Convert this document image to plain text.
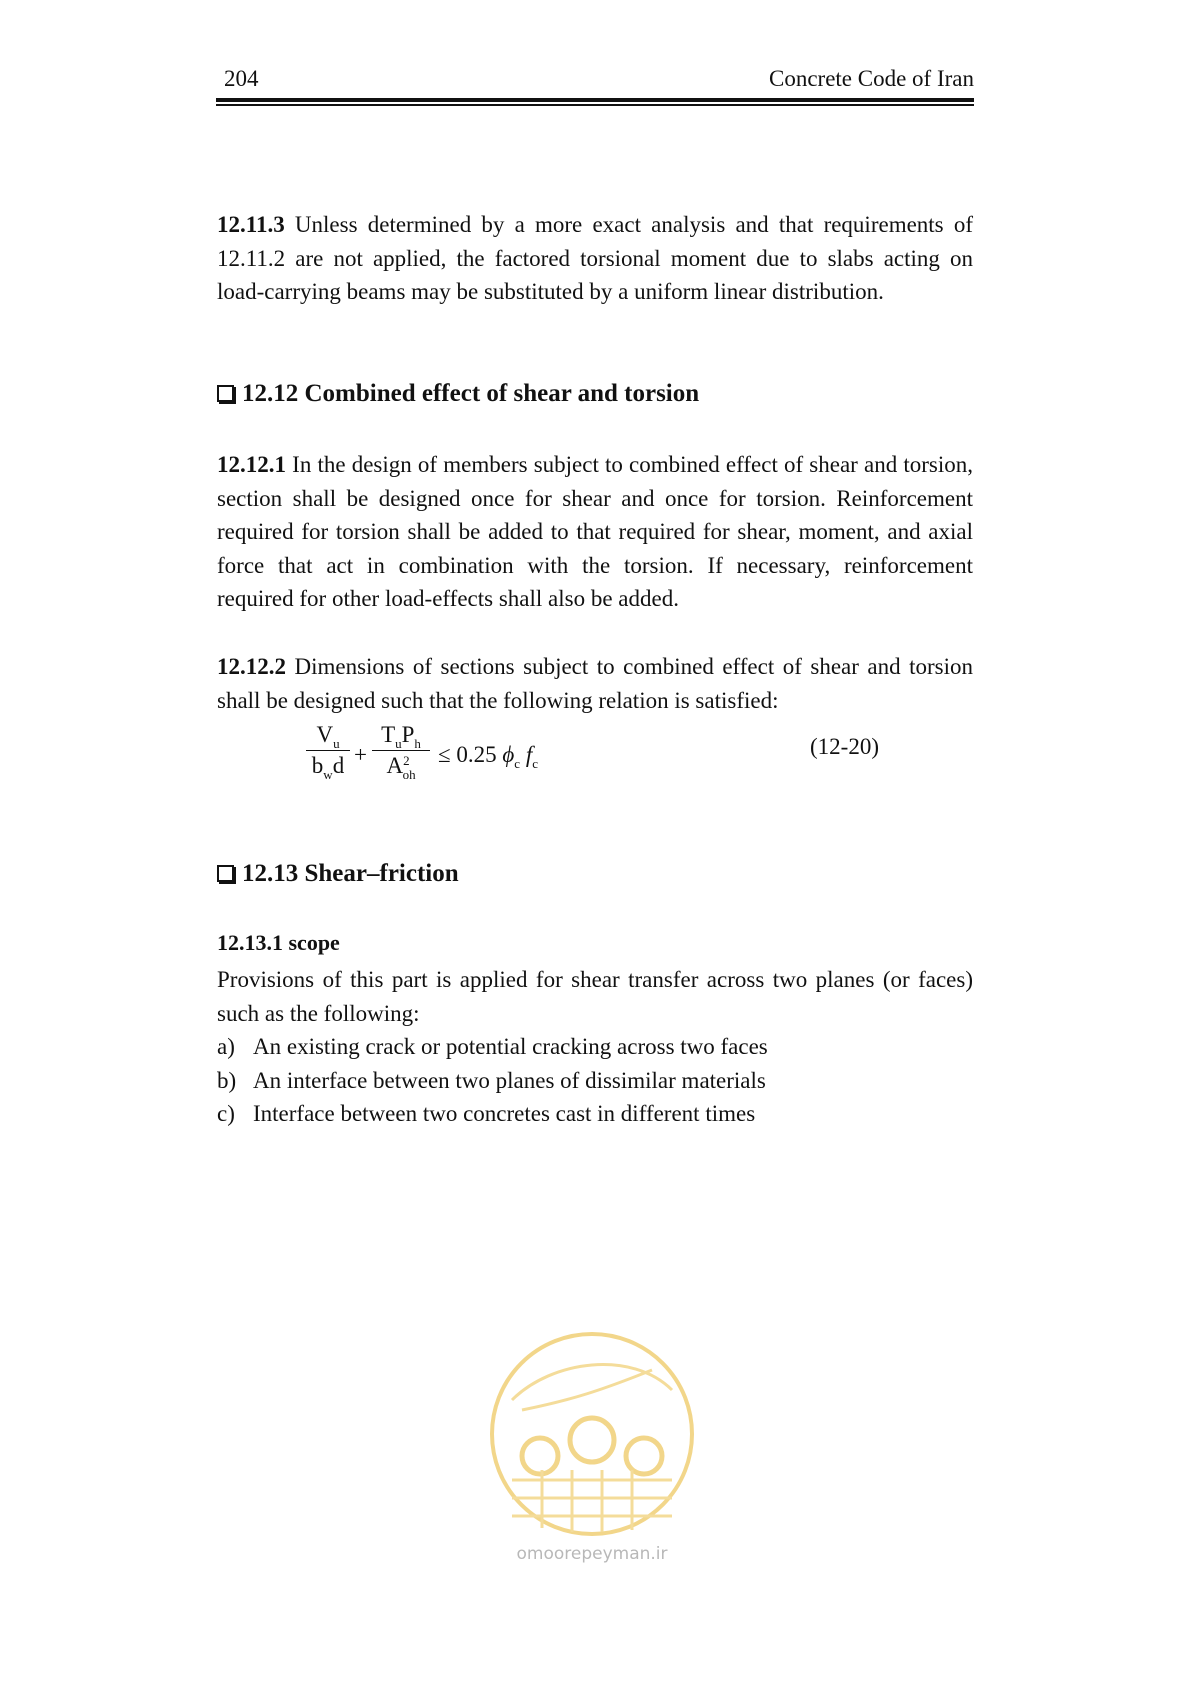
204	Concrete Code of Iran

12.11.3 Unless determined by a more exact analysis and that requirements of 12.11.2 are not applied, the factored torsional moment due to slabs acting on load-carrying beams may be substituted by a uniform linear distribution.

12.12 Combined effect of shear and torsion

12.12.1 In the design of members subject to combined effect of shear and torsion, section shall be designed once for shear and once for torsion. Reinforcement required for torsion shall be added to that required for shear, moment, and axial force that act in combination with the torsion. If necessary, reinforcement required for other load-effects shall also be added.

12.12.2 Dimensions of sections subject to combined effect of shear and torsion shall be designed such that the following relation is satisfied:

$V_u$
$b_wd$ +
$T_uP_h$
$A^2_{oh}$
≤ 0.25 $\phi_c$ $f_c$
(12-20)
12.13 Shear–friction
12.13.1 scope

Provisions of this part is applied for shear transfer across two planes (or faces) such as the following:

a) An existing crack or potential cracking across two faces
b) An interface between two planes of dissimilar materials
c) Interface between two concretes cast in different times
omoorepeyman.ir
